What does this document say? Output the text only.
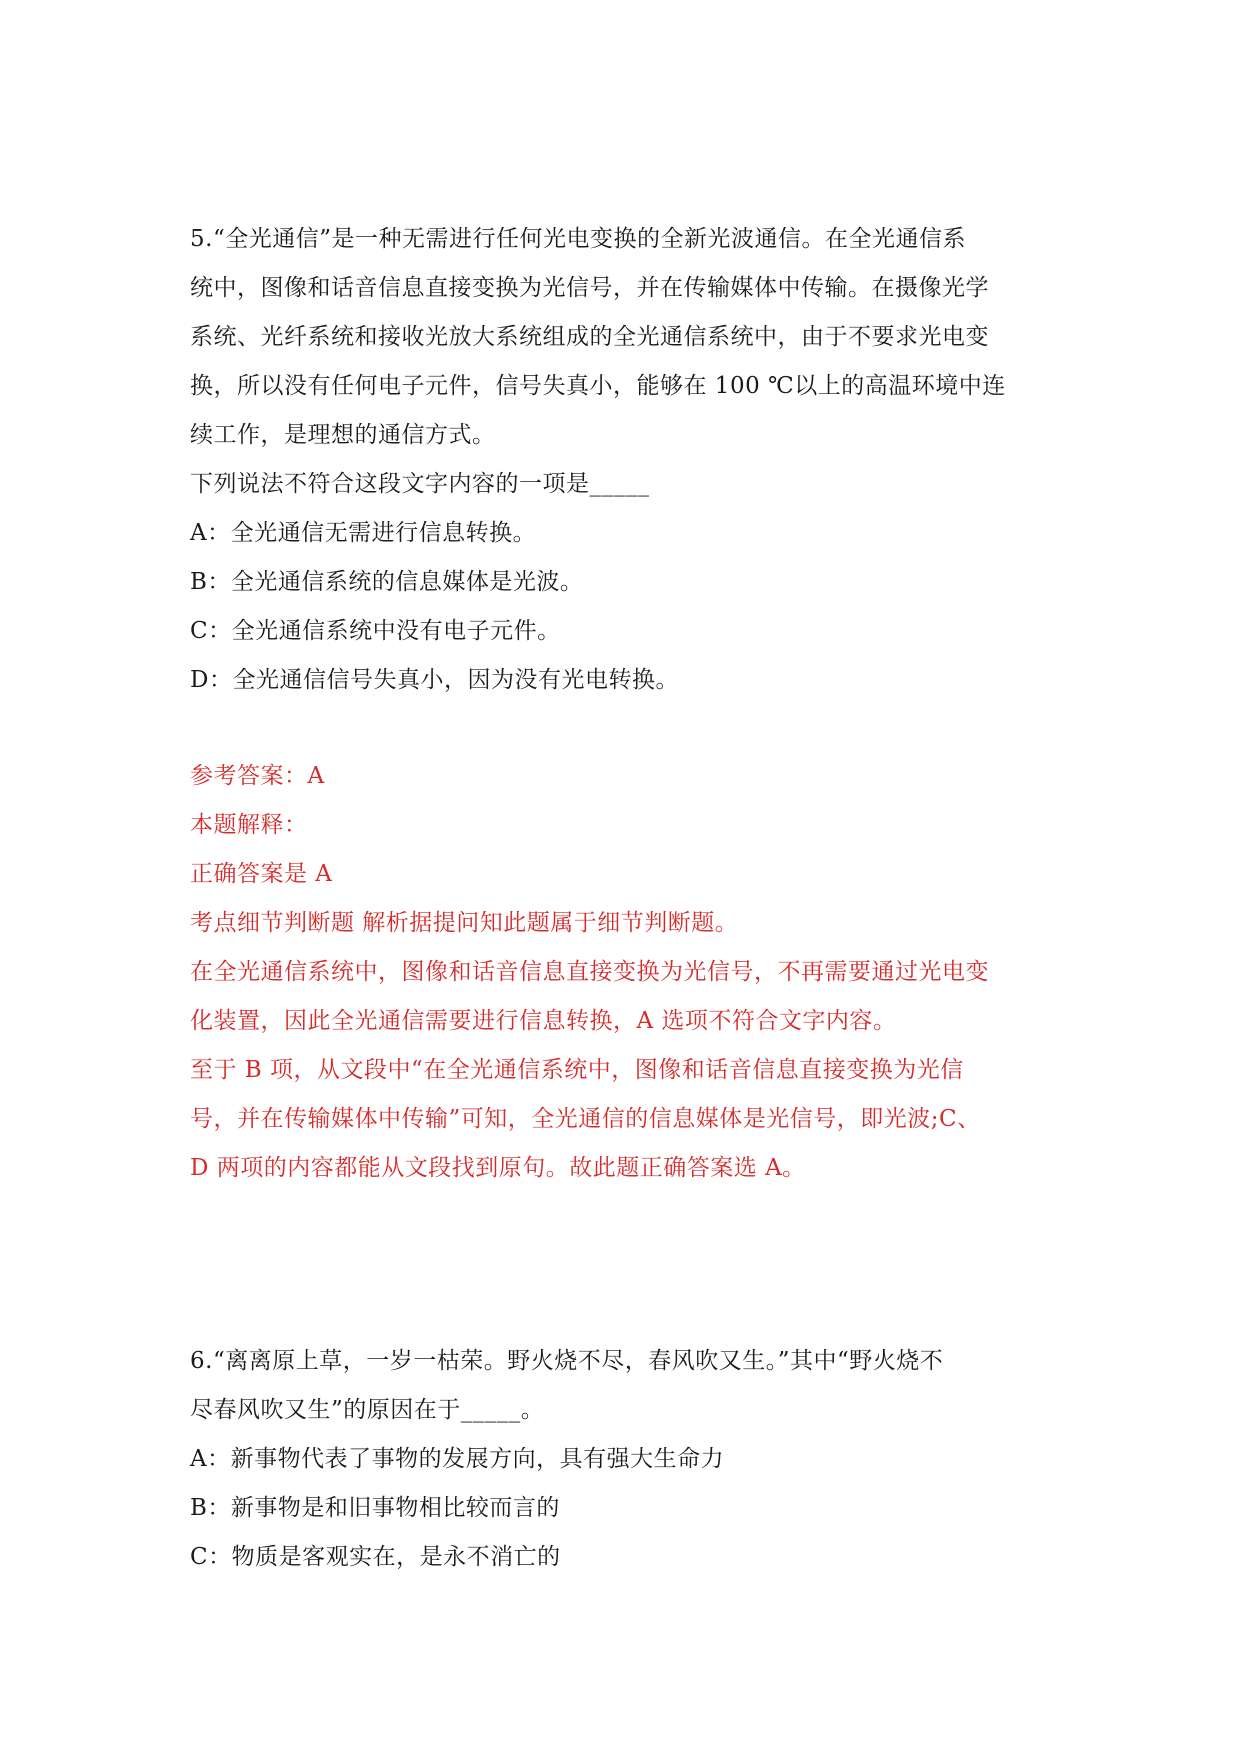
5.“全光通信”是一种无需进行任何光电变换的全新光波通信。在全光通信系
统中，图像和话音信息直接变换为光信号，并在传输媒体中传输。在摄像光学
系统、光纤系统和接收光放大系统组成的全光通信系统中，由于不要求光电变
换，所以没有任何电子元件，信号失真小，能够在 100 ℃以上的高温环境中连
续工作，是理想的通信方式。
下列说法不符合这段文字内容的一项是_____
A：全光通信无需进行信息转换。
B：全光通信系统的信息媒体是光波。
C：全光通信系统中没有电子元件。
D：全光通信信号失真小，因为没有光电转换。
参考答案：A
本题解释：
正确答案是 A
考点细节判断题 解析据提问知此题属于细节判断题。
在全光通信系统中，图像和话音信息直接变换为光信号，不再需要通过光电变
化装置，因此全光通信需要进行信息转换，A 选项不符合文字内容。
至于 B 项，从文段中“在全光通信系统中，图像和话音信息直接变换为光信
号，并在传输媒体中传输”可知，全光通信的信息媒体是光信号，即光波;C、
D 两项的内容都能从文段找到原句。故此题正确答案选 A。
6.“离离原上草，一岁一枯荣。野火烧不尽，春风吹又生。”其中“野火烧不
尽春风吹又生”的原因在于_____。
A：新事物代表了事物的发展方向，具有强大生命力
B：新事物是和旧事物相比较而言的
C：物质是客观实在，是永不消亡的
